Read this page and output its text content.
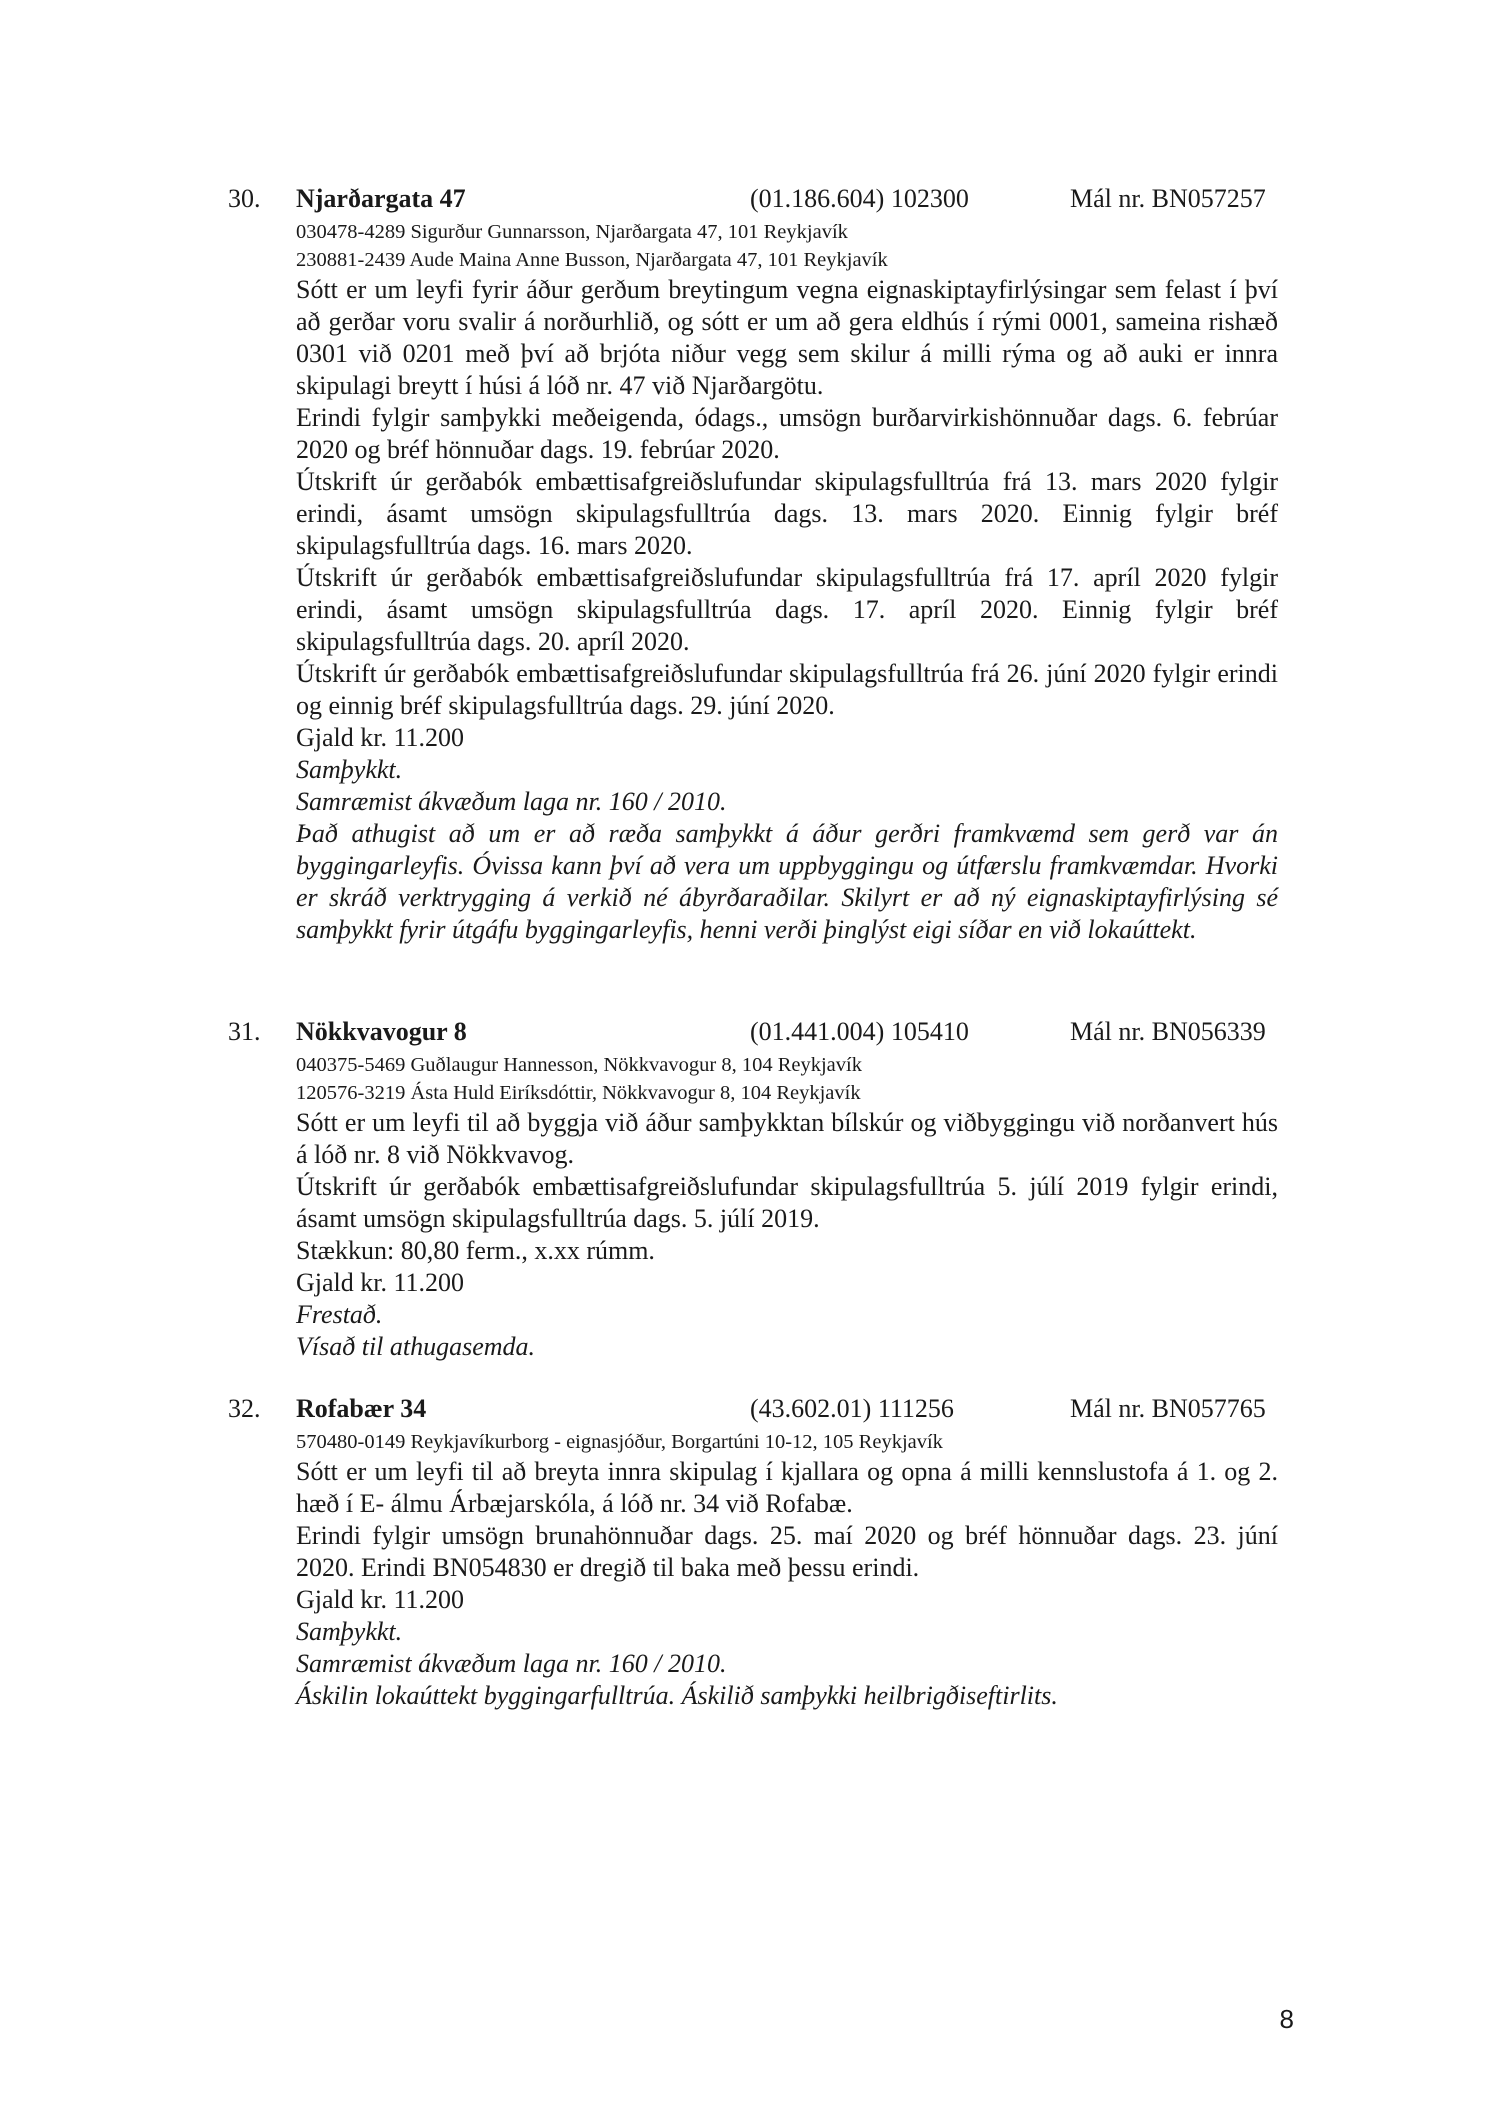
30. Njarðargata 47	(01.186.604) 102300	Mál nr. BN057257
030478-4289 Sigurður Gunnarsson, Njarðargata 47, 101 Reykjavík
230881-2439 Aude Maina Anne Busson, Njarðargata 47, 101 Reykjavík

Sótt er um leyfi fyrir áður gerðum breytingum vegna eignaskiptayfirlýsingar sem felast í því að gerðar voru svalir á norðurhlið, og sótt er um að gera eldhús í rými 0001, sameina rishæð 0301 við 0201 með því að brjóta niður vegg sem skilur á milli rýma og að auki er innra skipulagi breytt í húsi á lóð nr. 47 við Njarðargötu.

Erindi fylgir samþykki meðeigenda, ódags., umsögn burðarvirkishönnuðar dags. 6. febrúar 2020 og bréf hönnuðar dags. 19. febrúar 2020.

Útskrift úr gerðabók embættisafgreiðslufundar skipulagsfulltrúa frá 13. mars 2020 fylgir erindi, ásamt umsögn skipulagsfulltrúa dags. 13. mars 2020. Einnig fylgir bréf skipulagsfulltrúa dags. 16. mars 2020.

Útskrift úr gerðabók embættisafgreiðslufundar skipulagsfulltrúa frá 17. apríl 2020 fylgir erindi, ásamt umsögn skipulagsfulltrúa dags. 17. apríl 2020. Einnig fylgir bréf skipulagsfulltrúa dags. 20. apríl 2020.

Útskrift úr gerðabók embættisafgreiðslufundar skipulagsfulltrúa frá 26. júní 2020 fylgir erindi og einnig bréf skipulagsfulltrúa dags. 29. júní 2020.

Gjald kr. 11.200

Samþykkt.

Samræmist ákvæðum laga nr. 160 / 2010.

Það athugist að um er að ræða samþykkt á áður gerðri framkvæmd sem gerð var án byggingarleyfis. Óvissa kann því að vera um uppbyggingu og útfærslu framkvæmdar. Hvorki er skráð verktrygging á verkið né ábyrðaraðilar. Skilyrt er að ný eignaskiptayfirlýsing sé samþykkt fyrir útgáfu byggingarleyfis, henni verði þinglýst eigi síðar en við lokaúttekt.

31. Nökkvavogur 8	(01.441.004) 105410	Mál nr. BN056339
040375-5469 Guðlaugur Hannesson, Nökkvavogur 8, 104 Reykjavík
120576-3219 Ásta Huld Eiríksdóttir, Nökkvavogur 8, 104 Reykjavík

Sótt er um leyfi til að byggja við áður samþykktan bílskúr og viðbyggingu við norðanvert hús á lóð nr. 8 við Nökkvavog.

Útskrift úr gerðabók embættisafgreiðslufundar skipulagsfulltrúa 5. júlí 2019 fylgir erindi, ásamt umsögn skipulagsfulltrúa dags. 5. júlí 2019.

Stækkun: 80,80 ferm., x.xx rúmm.

Gjald kr. 11.200

Frestað.

Vísað til athugasemda.

32. Rofabær 34	(43.602.01) 111256	Mál nr. BN057765
570480-0149 Reykjavíkurborg - eignasjóður, Borgartúni 10-12, 105 Reykjavík

Sótt er um leyfi til að breyta innra skipulag í kjallara og opna á milli kennslustofa á 1. og 2. hæð í E- álmu Árbæjarskóla, á lóð nr. 34 við Rofabæ.

Erindi fylgir umsögn brunahönnuðar dags. 25. maí 2020 og bréf hönnuðar dags. 23. júní 2020. Erindi BN054830 er dregið til baka með þessu erindi.

Gjald kr. 11.200

Samþykkt.

Samræmist ákvæðum laga nr. 160 / 2010.

Áskilin lokaúttekt byggingarfulltrúa. Áskilið samþykki heilbrigðiseftirlits.

8
